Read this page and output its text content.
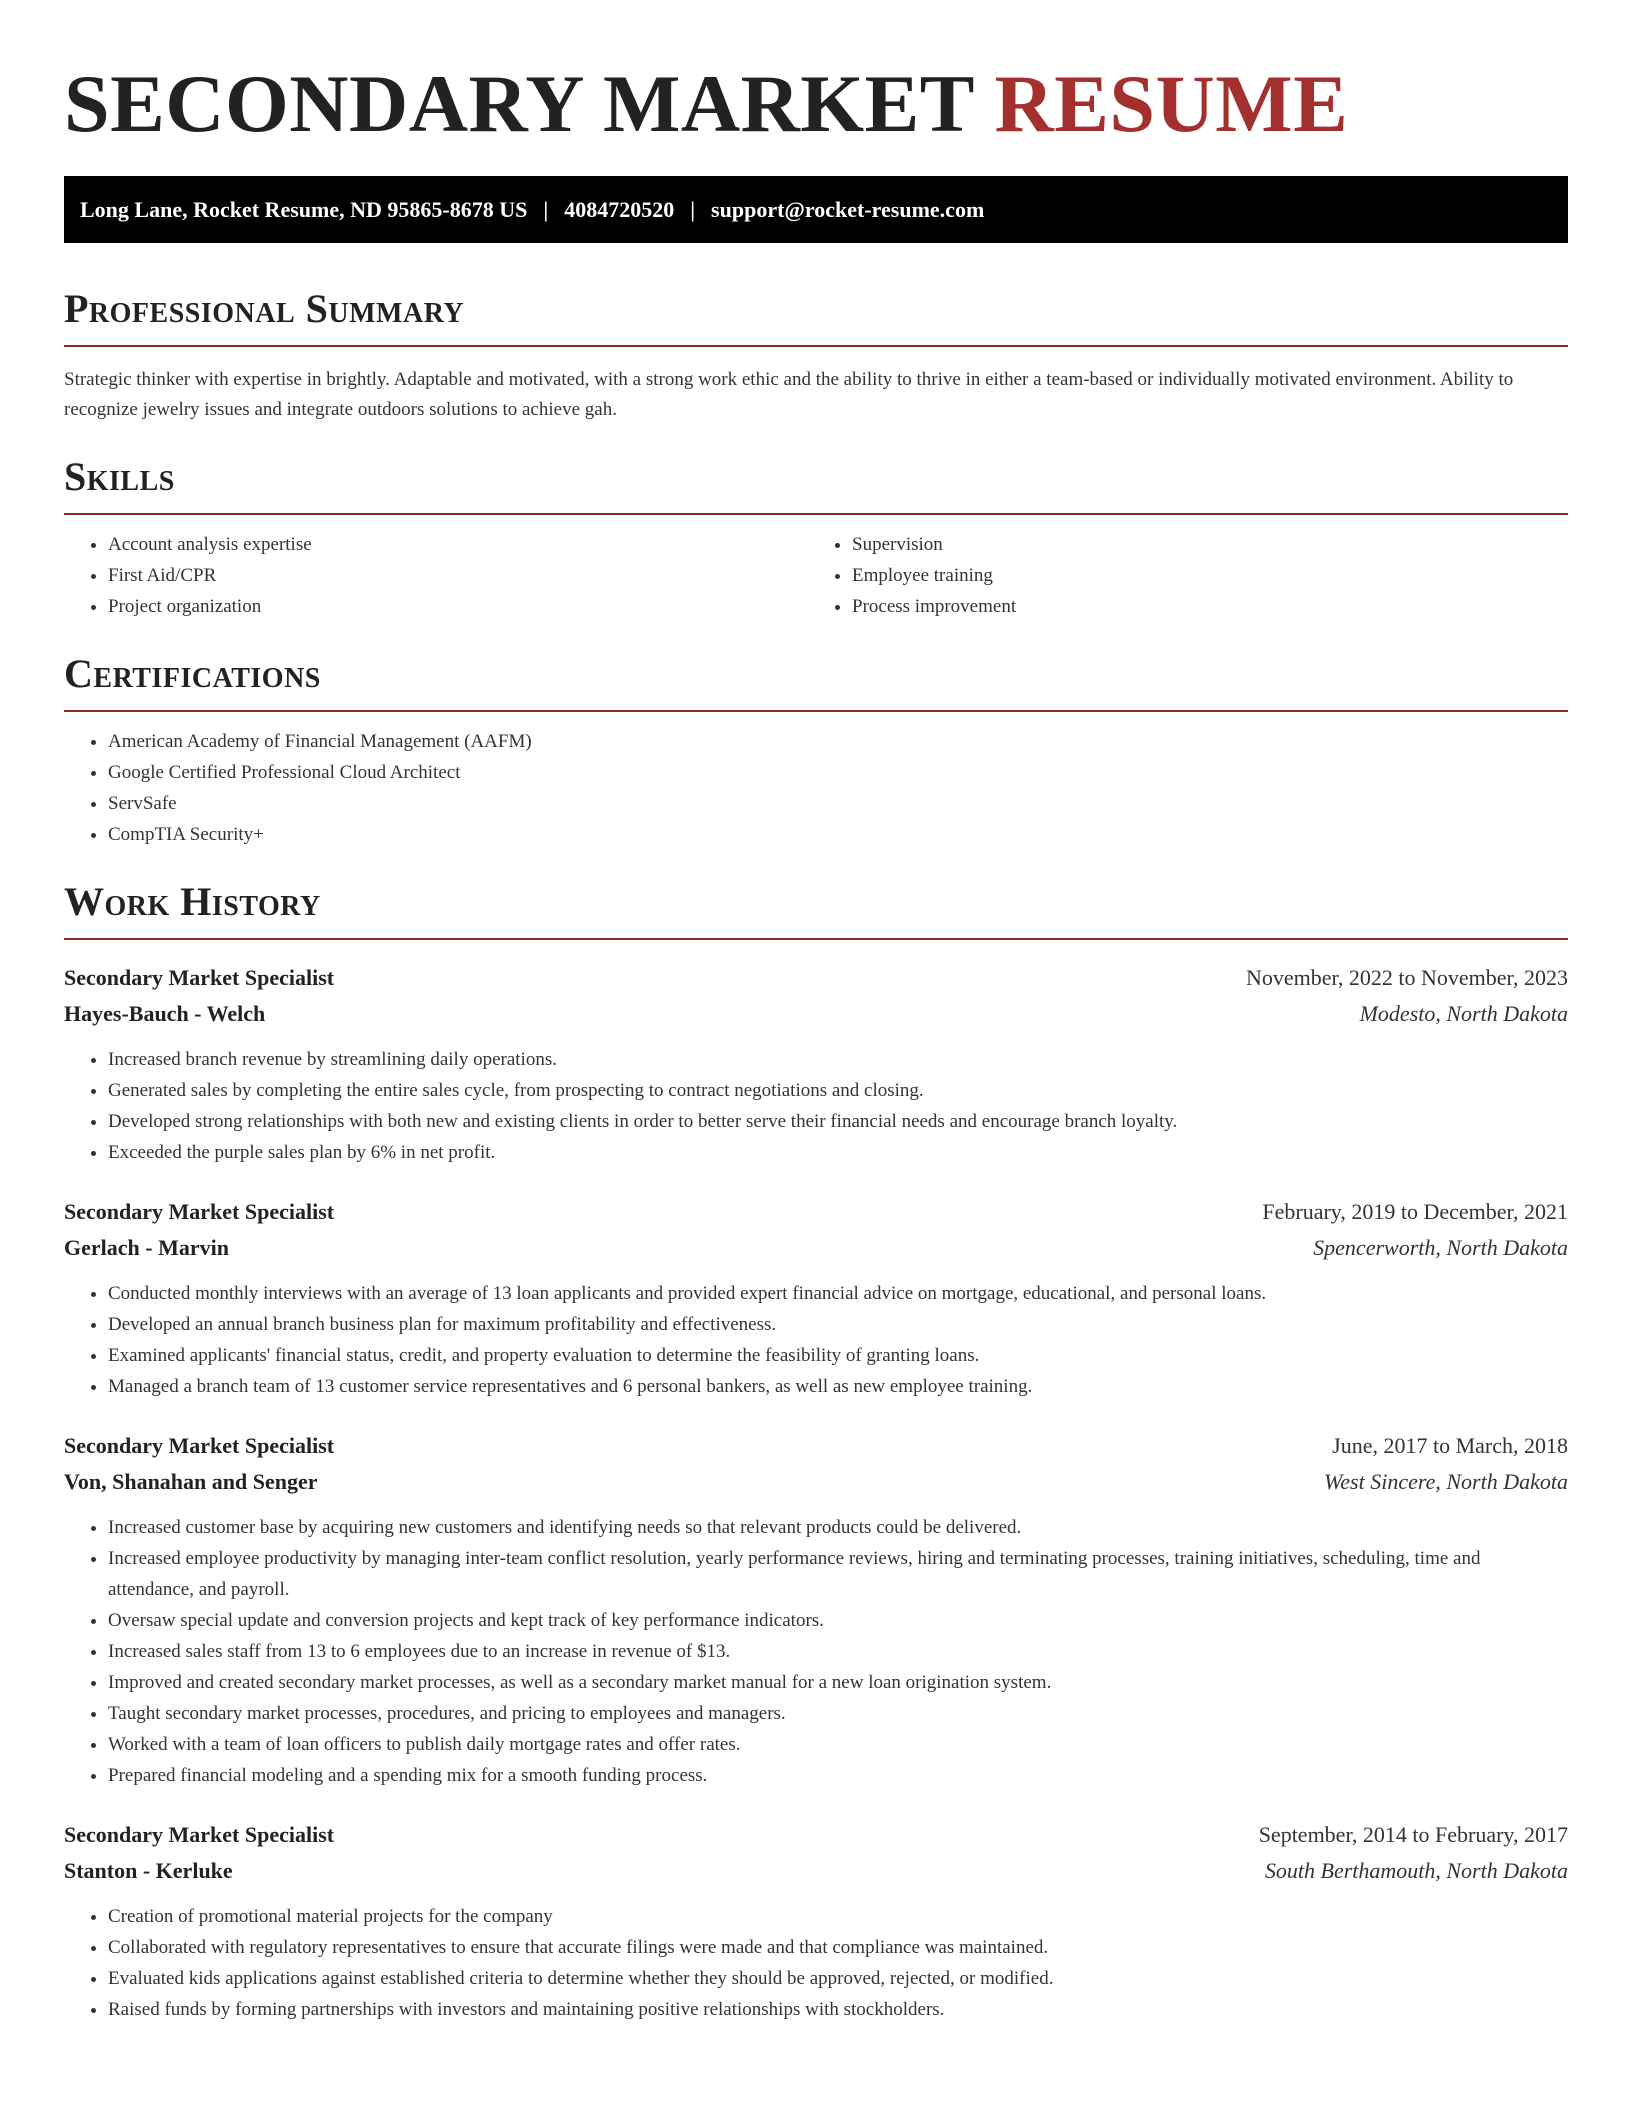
SECONDARY MARKET RESUME
Long Lane, Rocket Resume, ND 95865-8678 US | 4084720520 | support@rocket-resume.com
Professional Summary

Strategic thinker with expertise in brightly. Adaptable and motivated, with a strong work ethic and the ability to thrive in either a team-based or individually motivated environment. Ability to recognize jewelry issues and integrate outdoors solutions to achieve gah.

Skills
• Account analysis expertise
• First Aid/CPR
• Project organization
• Supervision
• Employee training
• Process improvement
Certifications
• American Academy of Financial Management (AAFM)
• Google Certified Professional Cloud Architect
• ServSafe
• CompTIA Security+
Work History
Secondary Market Specialist	November, 2022 to November, 2023
Hayes-Bauch - Welch	Modesto, North Dakota
• Increased branch revenue by streamlining daily operations.
• Generated sales by completing the entire sales cycle, from prospecting to contract negotiations and closing.
• Developed strong relationships with both new and existing clients in order to better serve their financial needs and encourage branch loyalty.
• Exceeded the purple sales plan by 6% in net profit.
Secondary Market Specialist	February, 2019 to December, 2021
Gerlach - Marvin	Spencerworth, North Dakota
• Conducted monthly interviews with an average of 13 loan applicants and provided expert financial advice on mortgage, educational, and personal loans.
• Developed an annual branch business plan for maximum profitability and effectiveness.
• Examined applicants' financial status, credit, and property evaluation to determine the feasibility of granting loans.
• Managed a branch team of 13 customer service representatives and 6 personal bankers, as well as new employee training.
Secondary Market Specialist	June, 2017 to March, 2018
Von, Shanahan and Senger	West Sincere, North Dakota
• Increased customer base by acquiring new customers and identifying needs so that relevant products could be delivered.
• Increased employee productivity by managing inter-team conflict resolution, yearly performance reviews, hiring and terminating processes, training initiatives, scheduling, time and attendance, and payroll.
• Oversaw special update and conversion projects and kept track of key performance indicators.
• Increased sales staff from 13 to 6 employees due to an increase in revenue of $13.
• Improved and created secondary market processes, as well as a secondary market manual for a new loan origination system.
• Taught secondary market processes, procedures, and pricing to employees and managers.
• Worked with a team of loan officers to publish daily mortgage rates and offer rates.
• Prepared financial modeling and a spending mix for a smooth funding process.
Secondary Market Specialist	September, 2014 to February, 2017
Stanton - Kerluke	South Berthamouth, North Dakota
• Creation of promotional material projects for the company
• Collaborated with regulatory representatives to ensure that accurate filings were made and that compliance was maintained.
• Evaluated kids applications against established criteria to determine whether they should be approved, rejected, or modified.
• Raised funds by forming partnerships with investors and maintaining positive relationships with stockholders.
